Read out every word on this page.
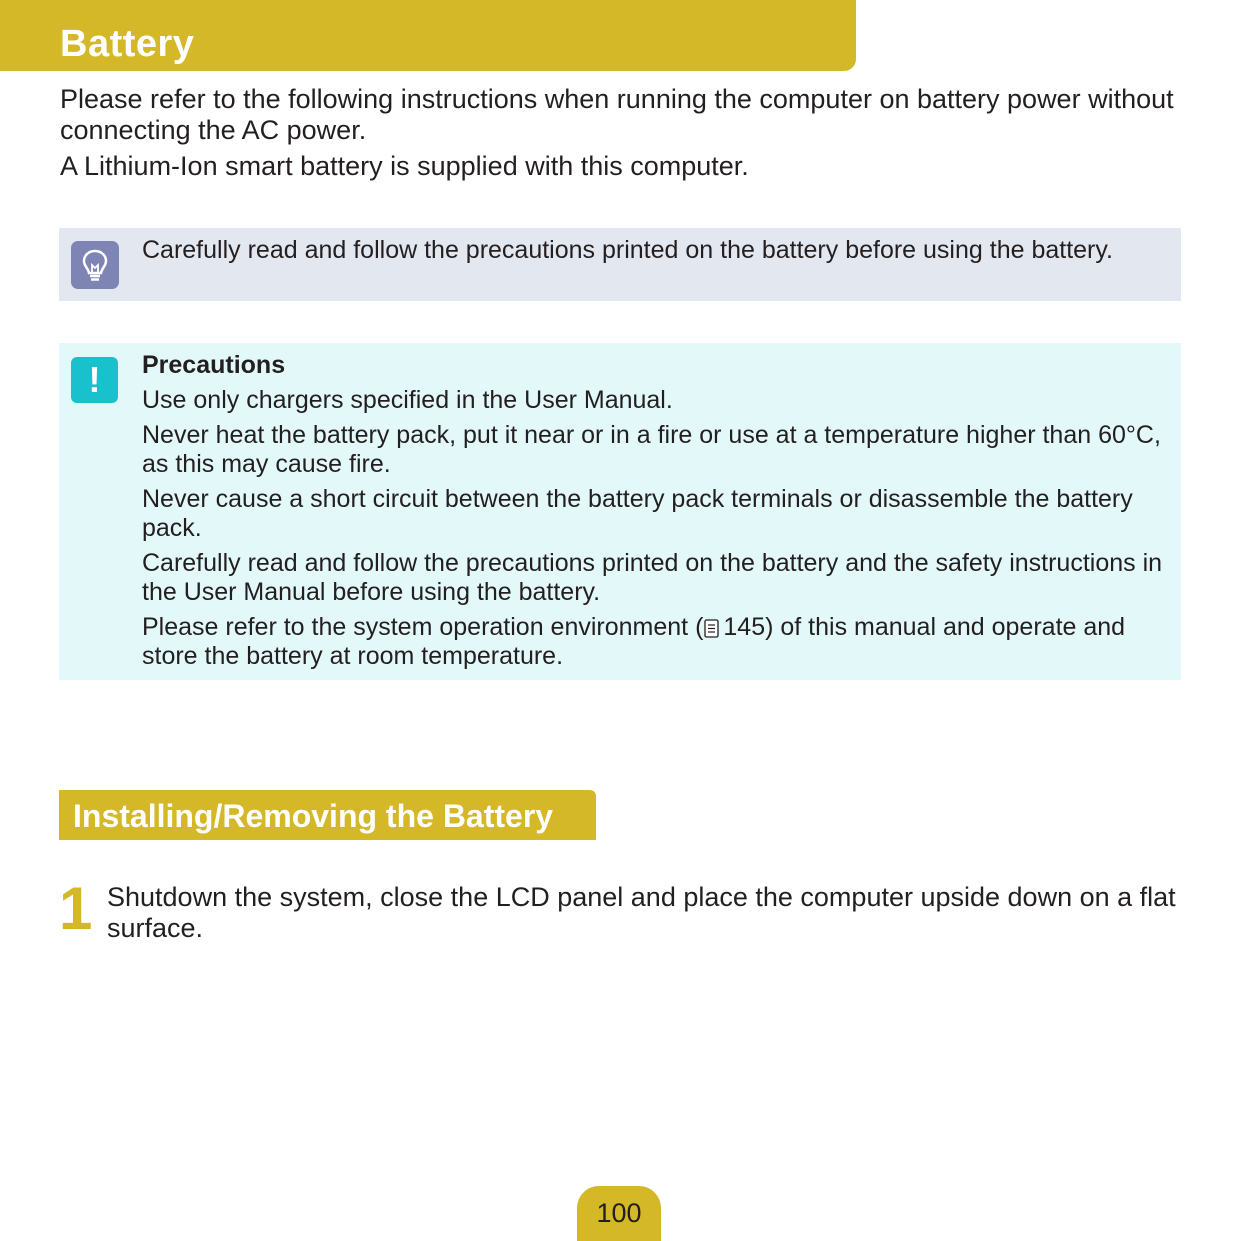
Battery

Please refer to the following instructions when running the computer on battery power without connecting the AC power.

A Lithium-Ion smart battery is supplied with this computer.

Carefully read and follow the precautions printed on the battery before using the battery.
!	Precautions
Use only chargers specified in the User Manual.
Never heat the battery pack, put it near or in a fire or use at a temperature higher than 60°C, as this may cause fire.
Never cause a short circuit between the battery pack terminals or disassemble the battery pack.
Carefully read and follow the precautions printed on the battery and the safety instructions in the User Manual before using the battery.
Please refer to the system operation environment ( 145) of this manual and operate and store the battery at room temperature.
Installing/Removing the Battery
1 Shutdown the system, close the LCD panel and place the computer upside down on a flat surface.
100
